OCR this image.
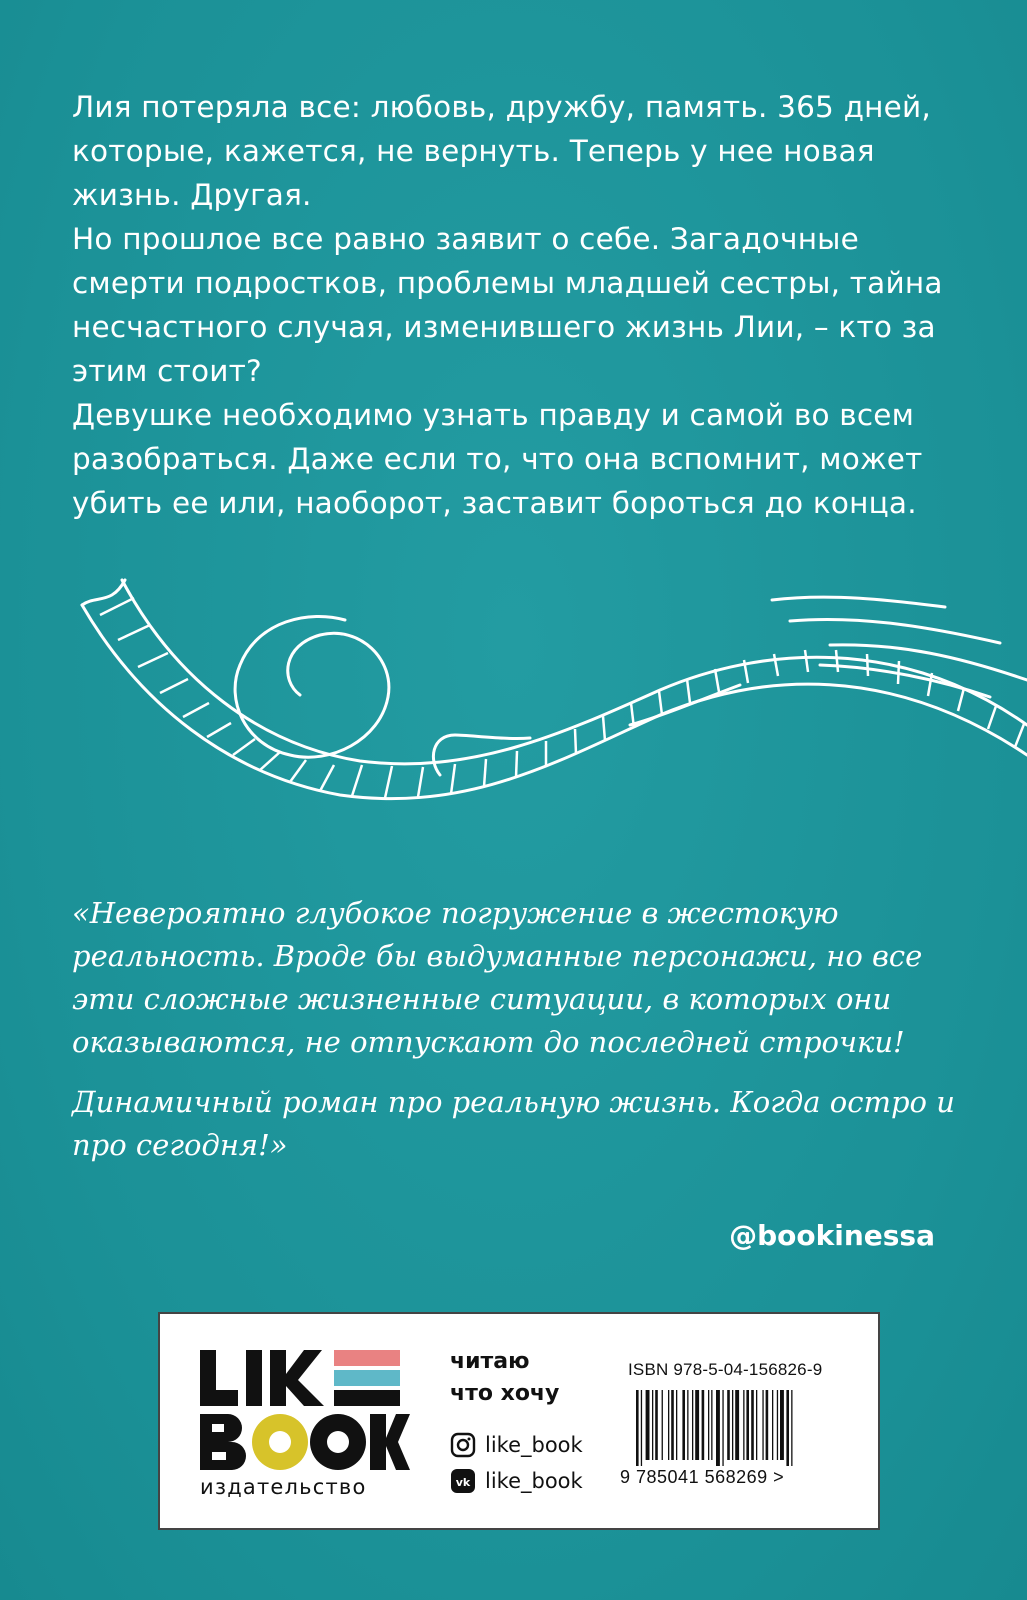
Лия потеряла все: любовь, дружбу, память. 365 дней, которые, кажется, не вернуть. Теперь у нее новая жизнь. Другая.

Но прошлое все равно заявит о себе. Загадочные смерти подростков, проблемы младшей сестры, тайна несчастного случая, изменившего жизнь Лии, – кто за этим стоит?

Девушке необходимо узнать правду и самой во всем разобраться. Даже если то, что она вспомнит, может убить ее или, наоборот, заставит бороться до конца.

«Невероятно глубокое погружение в жестокую реальность. Вроде бы выдуманные персонажи, но все эти сложные жизненные ситуации, в которых они оказываются, не отпускают до последней строчки!

Динамичный роман про реальную жизнь. Когда остро и про сегодня!»

@bookinessa

издательство
читаю
что хочу
like_book
vk like_book
ISBN 978-5-04-156826-9
9 785041 568269 >
